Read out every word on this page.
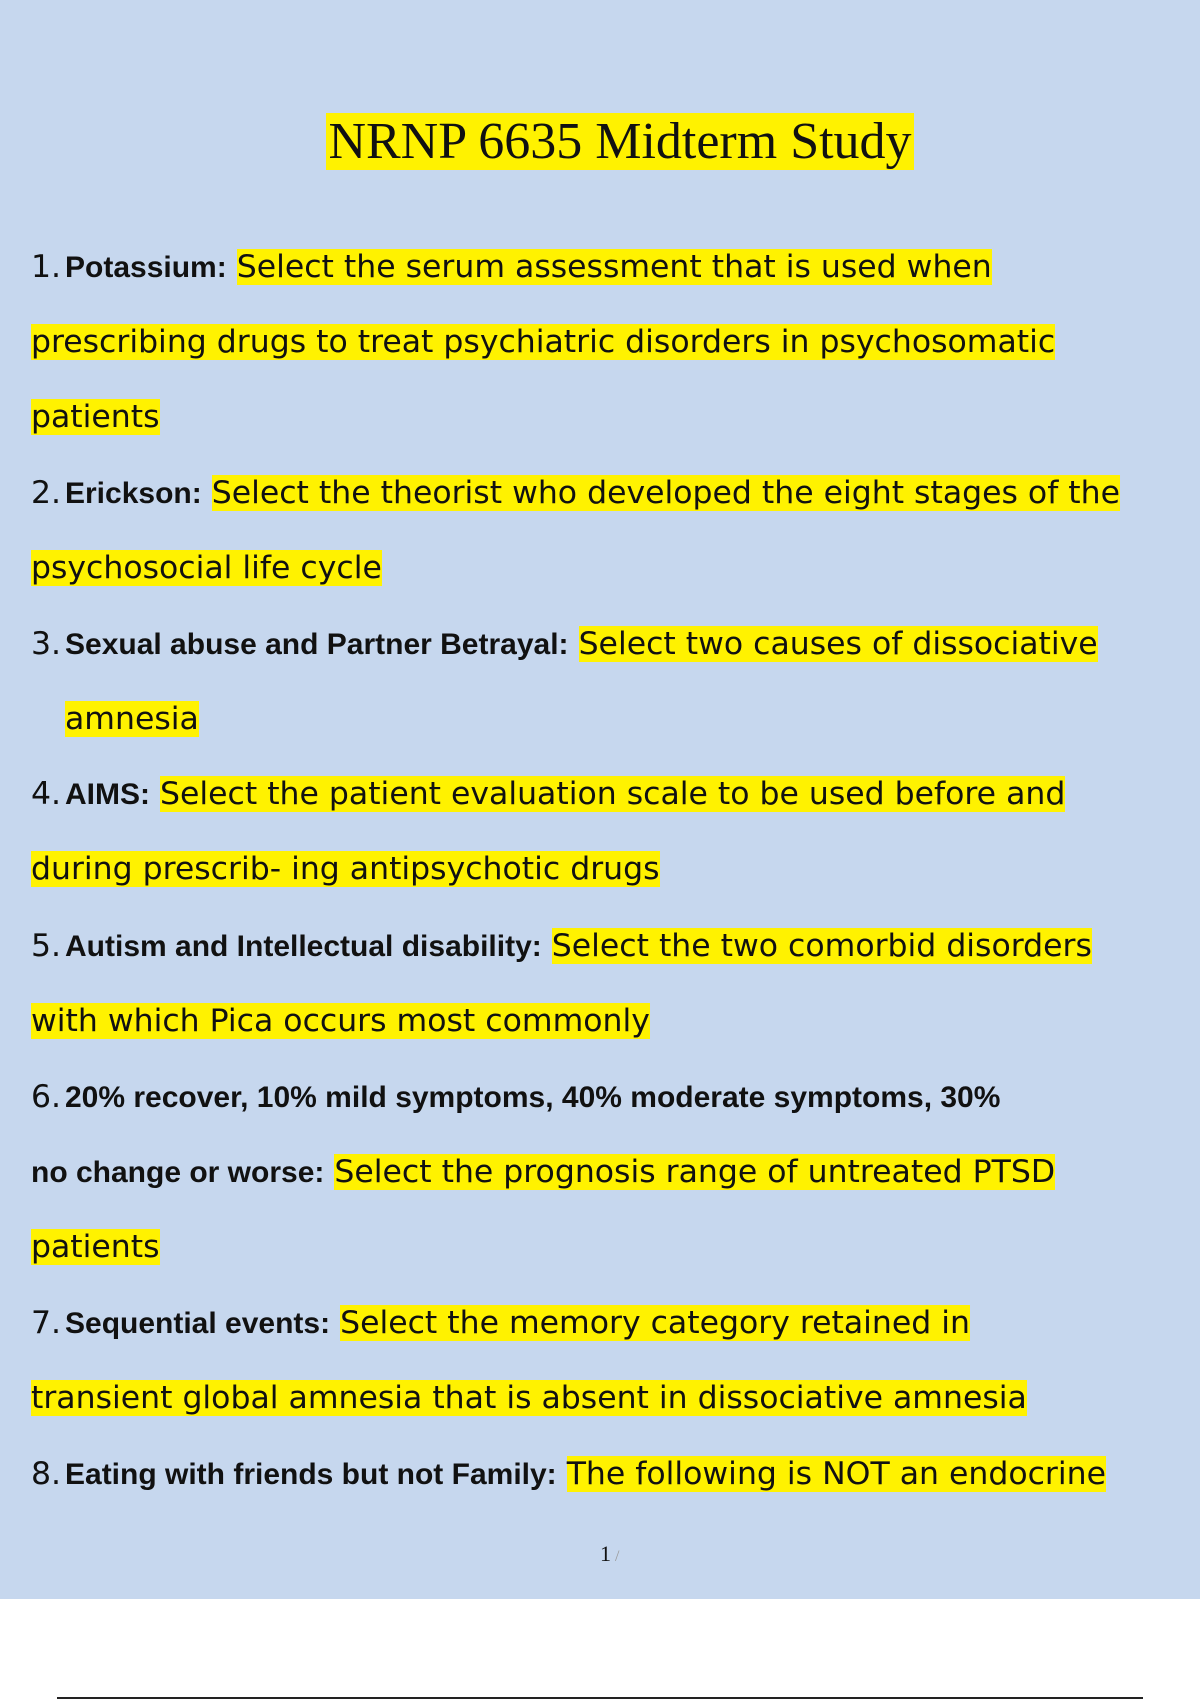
NRNP 6635 Midterm Study
1. Potassium: Select the serum assessment that is used when
prescribing drugs to treat psychiatric disorders in psychosomatic
patients
2. Erickson: Select the theorist who developed the eight stages of the
psychosocial life cycle
3. Sexual abuse and Partner Betrayal: Select two causes of dissociative
amnesia
4. AIMS: Select the patient evaluation scale to be used before and
during prescrib- ing antipsychotic drugs
5. Autism and Intellectual disability: Select the two comorbid disorders
with which Pica occurs most commonly
6. 20% recover, 10% mild symptoms, 40% moderate symptoms, 30%
no change or worse: Select the prognosis range of untreated PTSD
patients
7. Sequential events: Select the memory category retained in
transient global amnesia that is absent in dissociative amnesia
8. Eating with friends but not Family: The following is NOT an endocrine
1 /
